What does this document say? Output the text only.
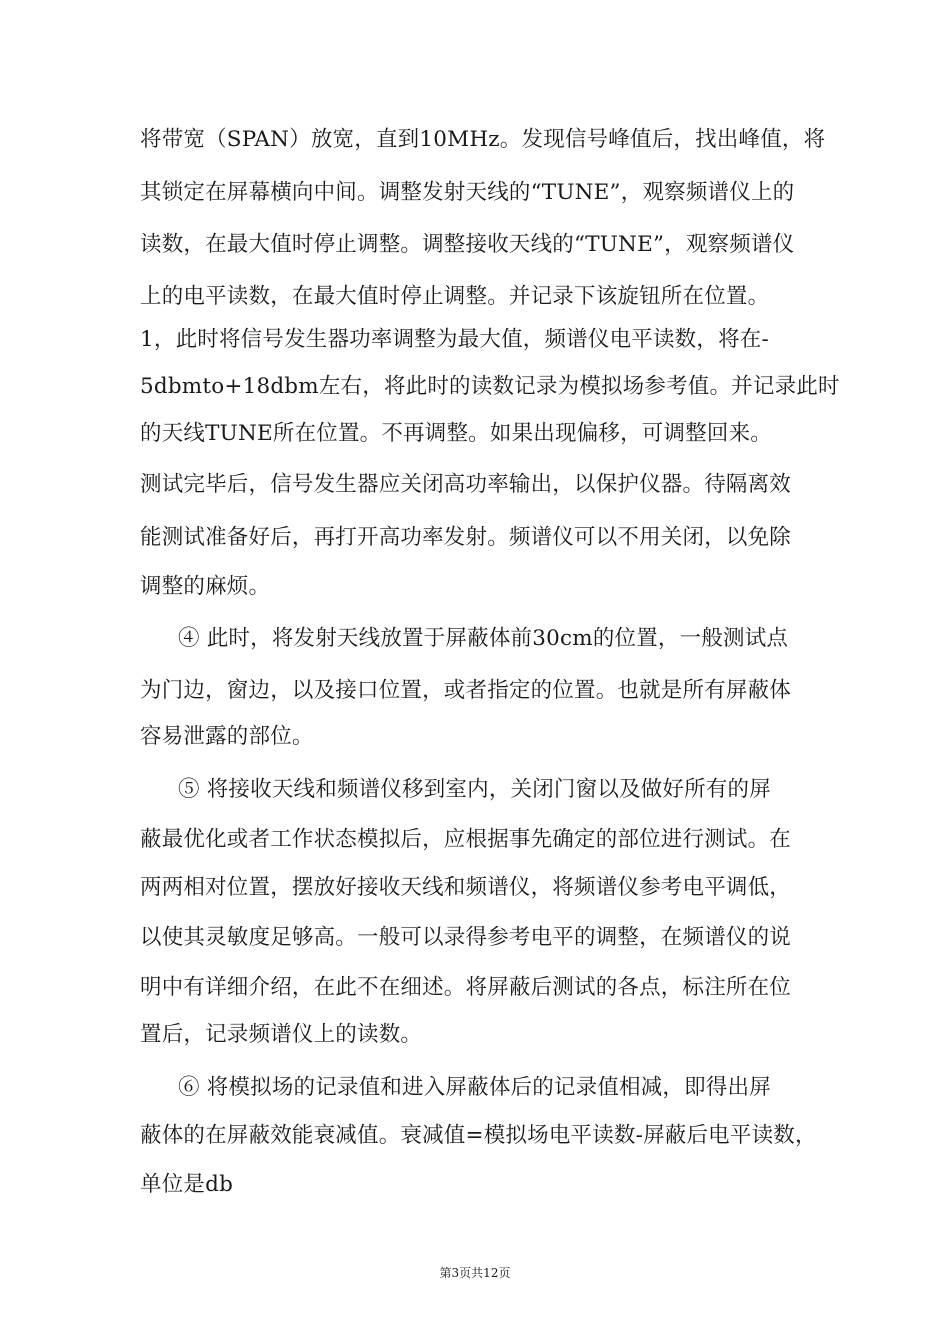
将带宽（SPAN）放宽，直到10MHz。发现信号峰值后，找出峰值，将
其锁定在屏幕横向中间。调整发射天线的“TUNE”，观察频谱仪上的
读数，在最大值时停止调整。调整接收天线的“TUNE”，观察频谱仪
上的电平读数，在最大值时停止调整。并记录下该旋钮所在位置。
1，此时将信号发生器功率调整为最大值，频谱仪电平读数，将在-
5dbmto+18dbm左右，将此时的读数记录为模拟场参考值。并记录此时
的天线TUNE所在位置。不再调整。如果出现偏移，可调整回来。
测试完毕后，信号发生器应关闭高功率输出，以保护仪器。待隔离效
能测试准备好后，再打开高功率发射。频谱仪可以不用关闭，以免除
调整的麻烦。
④ 此时，将发射天线放置于屏蔽体前30cm的位置，一般测试点
为门边，窗边，以及接口位置，或者指定的位置。也就是所有屏蔽体
容易泄露的部位。
⑤ 将接收天线和频谱仪移到室内，关闭门窗以及做好所有的屏
蔽最优化或者工作状态模拟后，应根据事先确定的部位进行测试。在
两两相对位置，摆放好接收天线和频谱仪，将频谱仪参考电平调低，
以使其灵敏度足够高。一般可以录得参考电平的调整，在频谱仪的说
明中有详细介绍，在此不在细述。将屏蔽后测试的各点，标注所在位
置后，记录频谱仪上的读数。
⑥ 将模拟场的记录值和进入屏蔽体后的记录值相减，即得出屏
蔽体的在屏蔽效能衰减值。衰减值=模拟场电平读数-屏蔽后电平读数，
单位是db
第3页共12页
